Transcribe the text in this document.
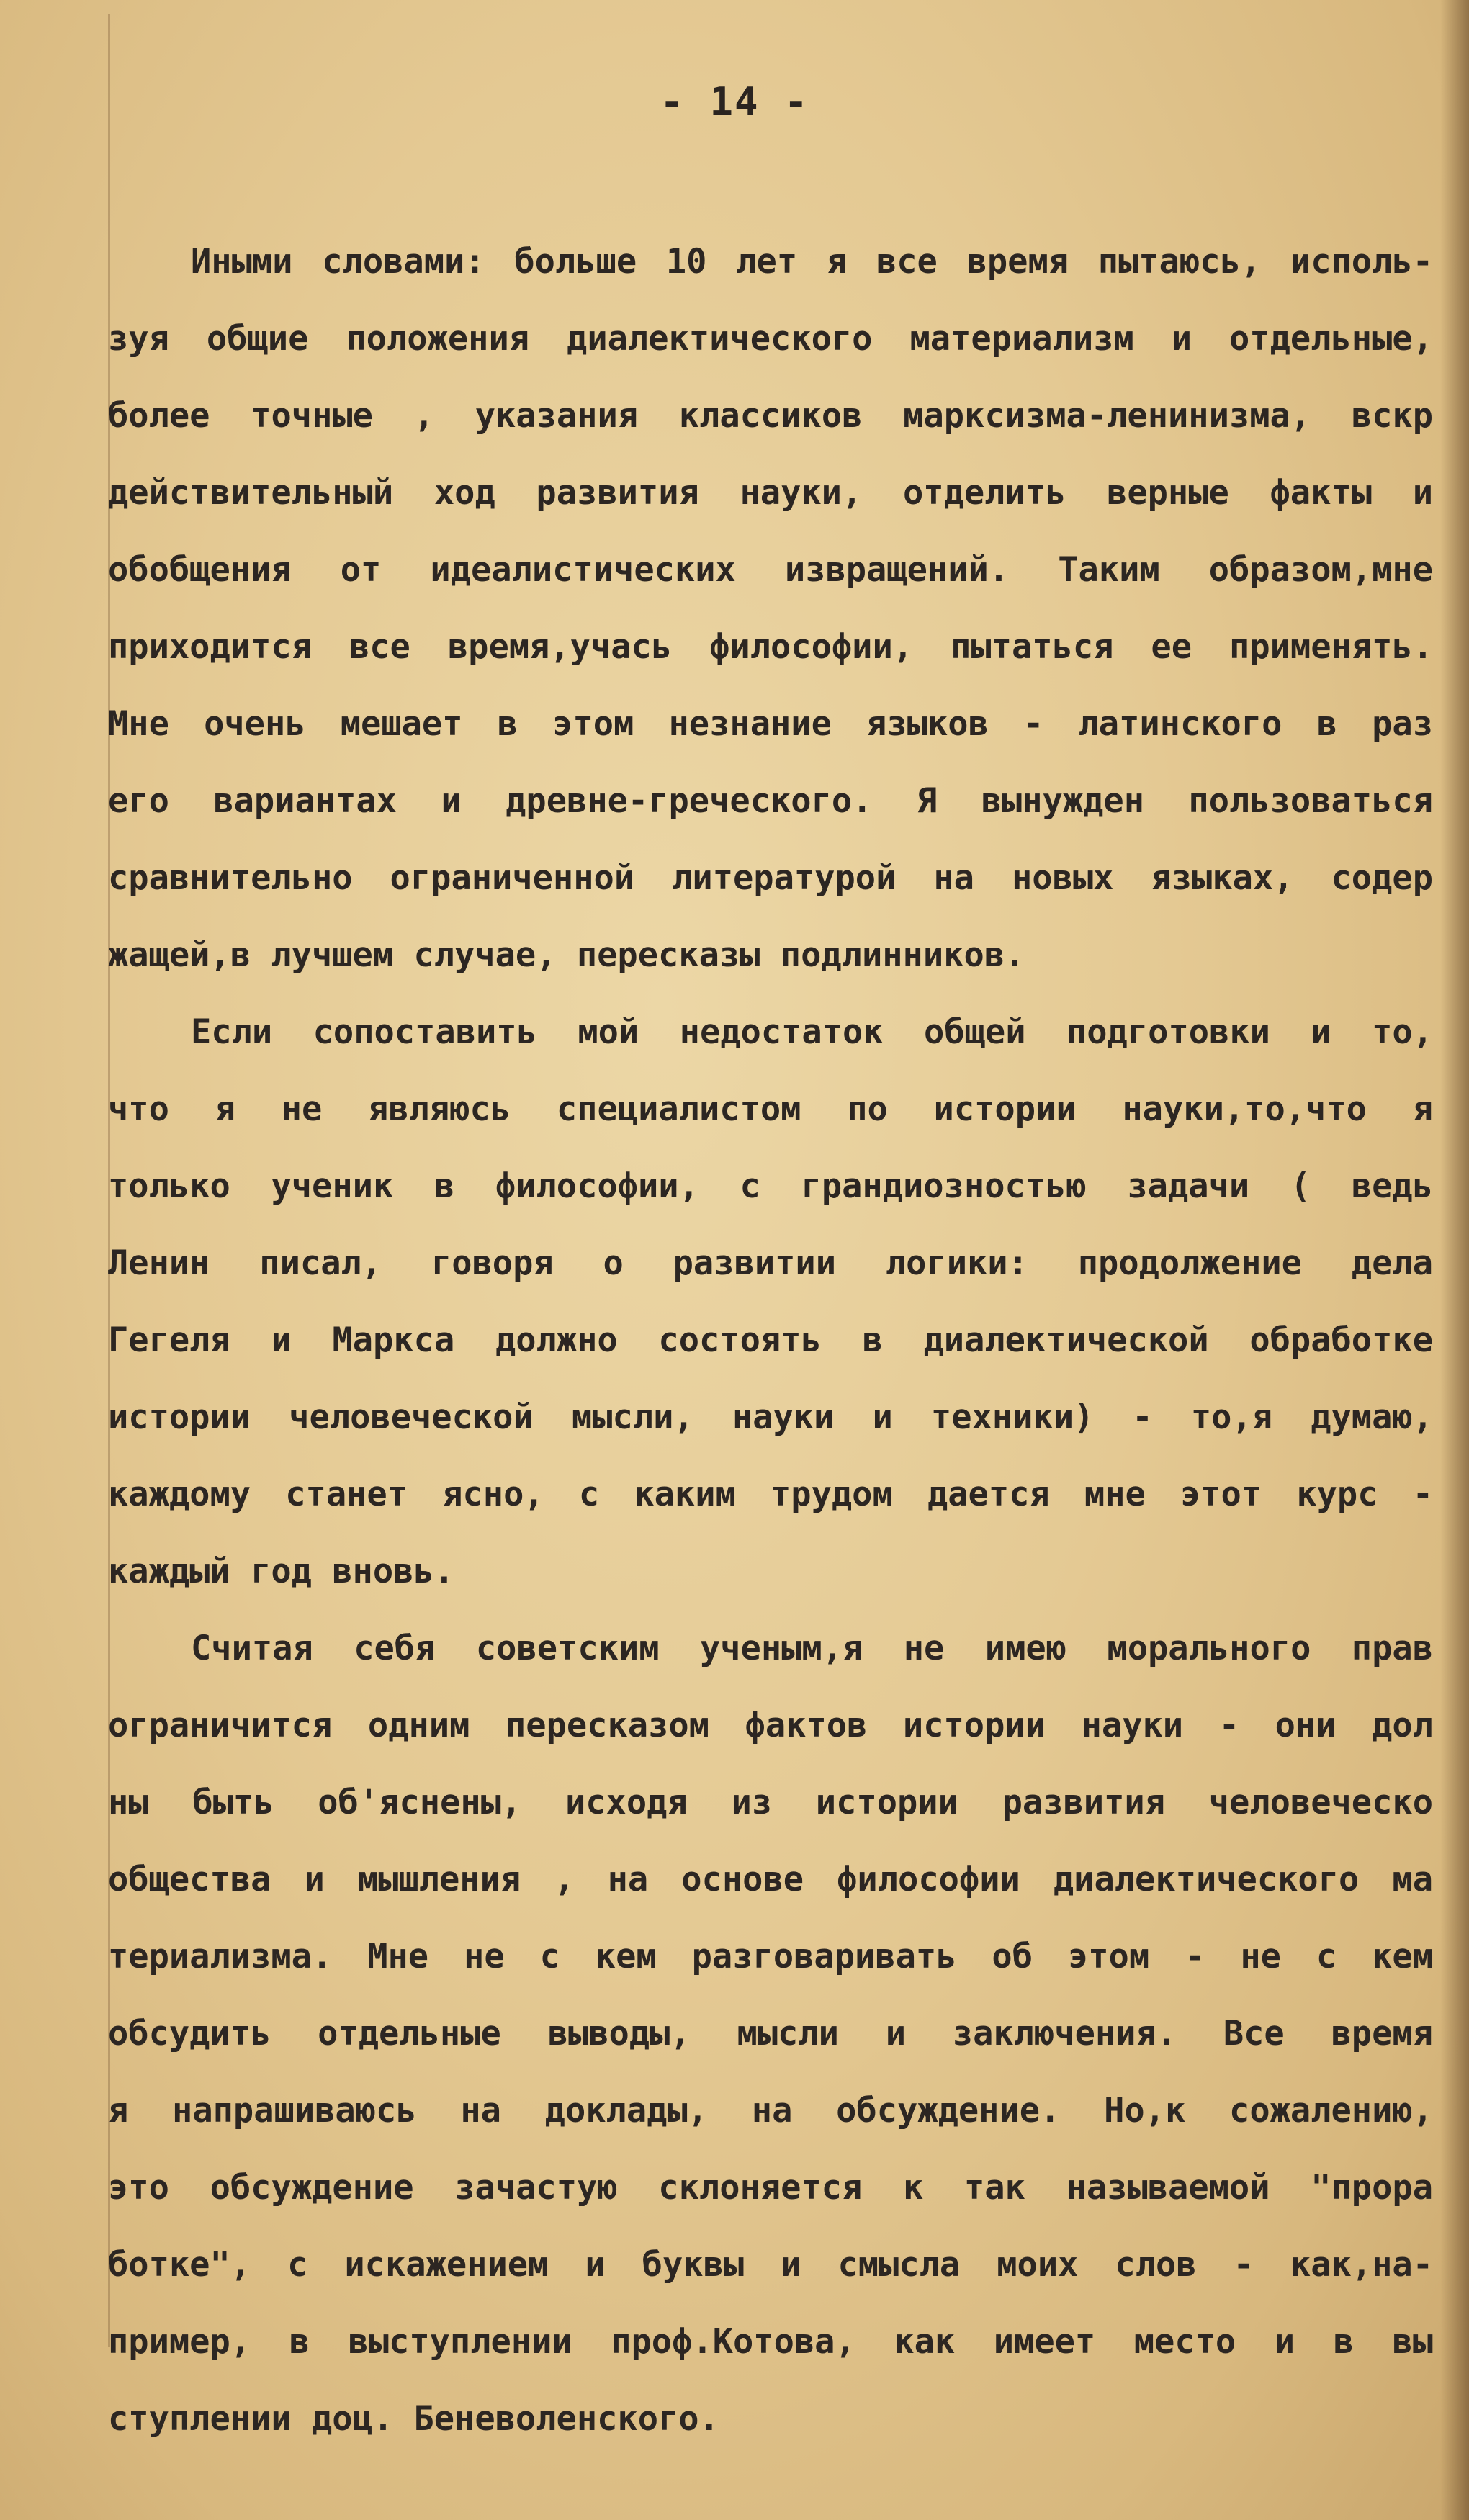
- 14 -
Иными словами: больше 10 лет я все время пытаюсь, исполь-
зуя общие положения диалектического материализм и отдельные,
более точные , указания классиков марксизма-ленинизма, вскр
действительный ход развития науки, отделить верные факты и
обобщения от идеалистических извращений. Таким образом,мне
приходится все время,учась философии, пытаться ее применять.
Мне очень мешает в этом незнание языков - латинского в раз
его вариантах и древне-греческого. Я вынужден пользоваться
сравнительно ограниченной литературой на новых языках, содер
жащей,в лучшем случае, пересказы подлинников.
Если сопоставить мой недостаток общей подготовки и то,
что я не являюсь специалистом по истории науки,то,что я
только ученик в философии, с грандиозностью задачи ( ведь
Ленин писал, говоря о развитии логики: продолжение дела
Гегеля и Маркса должно состоять в диалектической обработке
истории человеческой мысли, науки и техники) - то,я думаю,
каждому станет ясно, с каким трудом дается мне этот курс -
каждый год вновь.
Считая себя советским ученым,я не имею морального прав
ограничится одним пересказом фактов истории науки - они дол
ны быть об'яснены, исходя из истории развития человеческо
общества и мышления , на основе философии диалектического ма
териализма. Мне не с кем разговаривать об этом - не с кем
обсудить отдельные выводы, мысли и заключения. Все время
я напрашиваюсь на доклады, на обсуждение. Но,к сожалению,
это обсуждение зачастую склоняется к так называемой "прора
ботке", с искажением и буквы и смысла моих слов - как,на-
пример, в выступлении проф.Котова, как имеет место и в вы
ступлении доц. Беневоленского.
